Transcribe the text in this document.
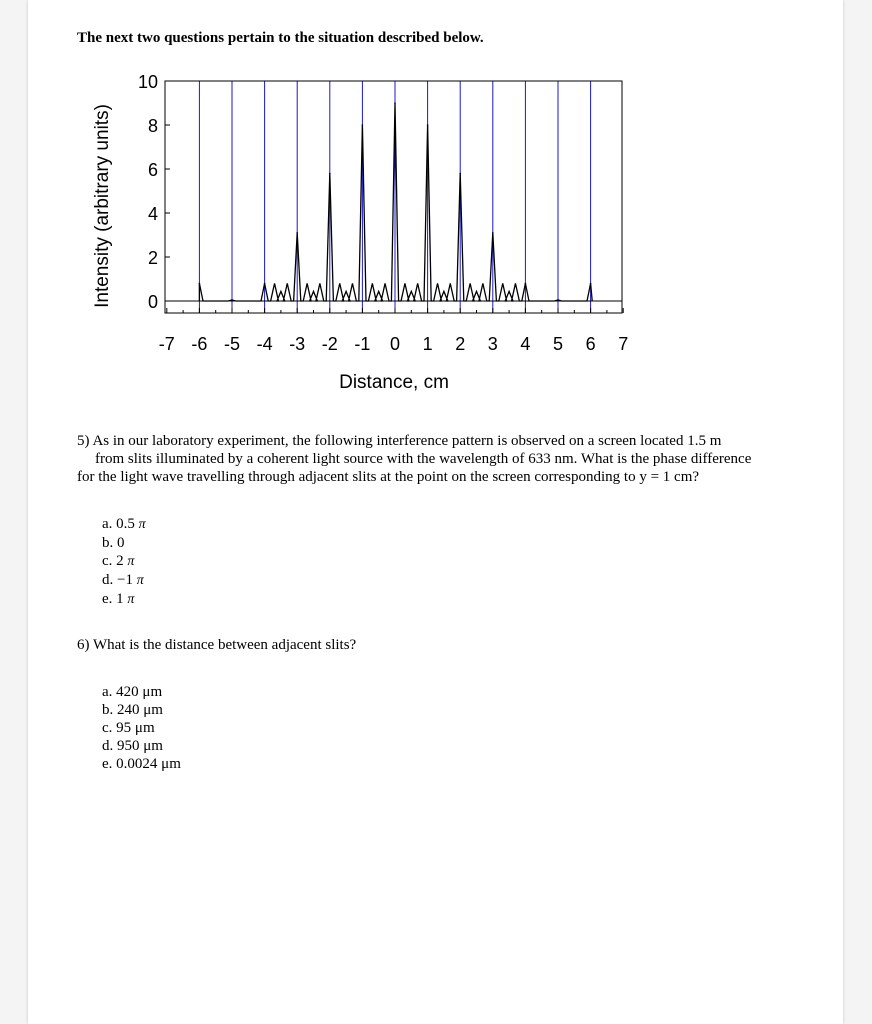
The next two questions pertain to the situation described below.
0
2
4
6
8
10
-7 -6 -5 -4 -3 -2 -1 0 1 2 3 4 5 6 7
Distance, cm
Intensity (arbitrary units)
5) As in our laboratory experiment, the following interference pattern is observed on a screen located 1.5 m
from slits illuminated by a coherent light source with the wavelength of 633 nm. What is the phase difference
for the light wave travelling through adjacent slits at the point on the screen corresponding to y = 1 cm?
a. 0.5 π
b. 0
c. 2 π
d. −1 π
e. 1 π
6) What is the distance between adjacent slits?
a. 420 μm
b. 240 μm
c. 95 μm
d. 950 μm
e. 0.0024 μm
